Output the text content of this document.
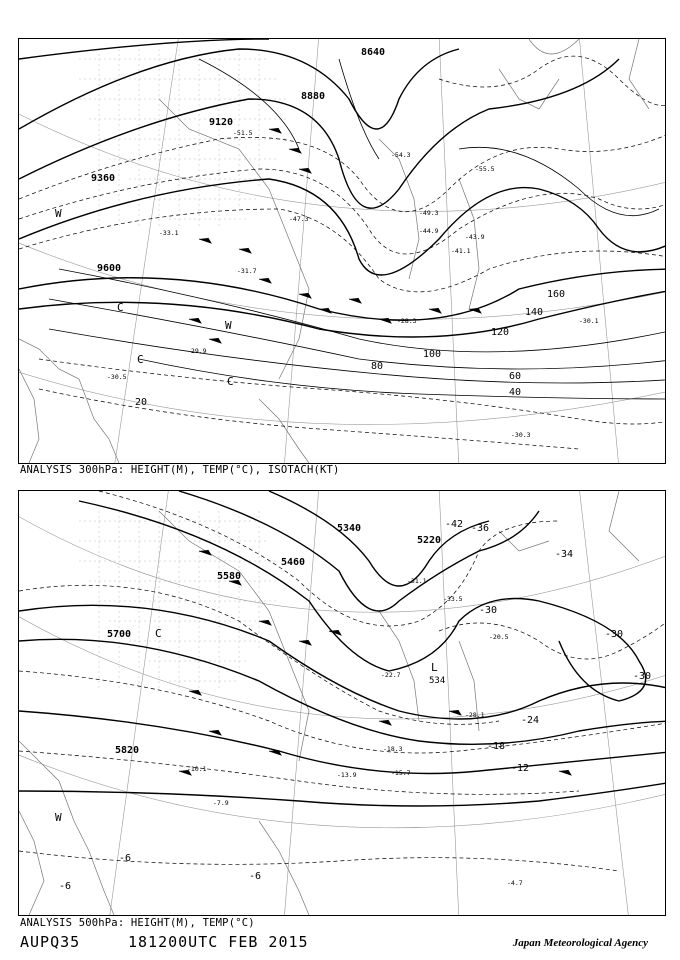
8640
8880
9120
9360
9600
160
140
120
100
80
60
40
20
W
C
W
C
C
-51.5
-54.3
-55.5
-44.9
-41.1
-47.3
-49.3
-43.9
-29.9
-28.3
-30.5
-30.1
-30.3
-31.7
-33.1
ANALYSIS 300hPa: HEIGHT(M), TEMP(°C), ISOTACH(KT)
5340
5220
5460
5580
5700
5820
-42 -36
-34
-30
-30
-30
-24
-18
-12
-6
-6
-6
L
C
W
534
-33.5
-31.1
-28.1
-18.3
-15.7
-13.9
-10.1
-7.9
-4.7
-20.5
-22.7
ANALYSIS 500hPa: HEIGHT(M), TEMP(°C)
AUPQ35	181200UTC FEB 2015	Japan Meteorological Agency
